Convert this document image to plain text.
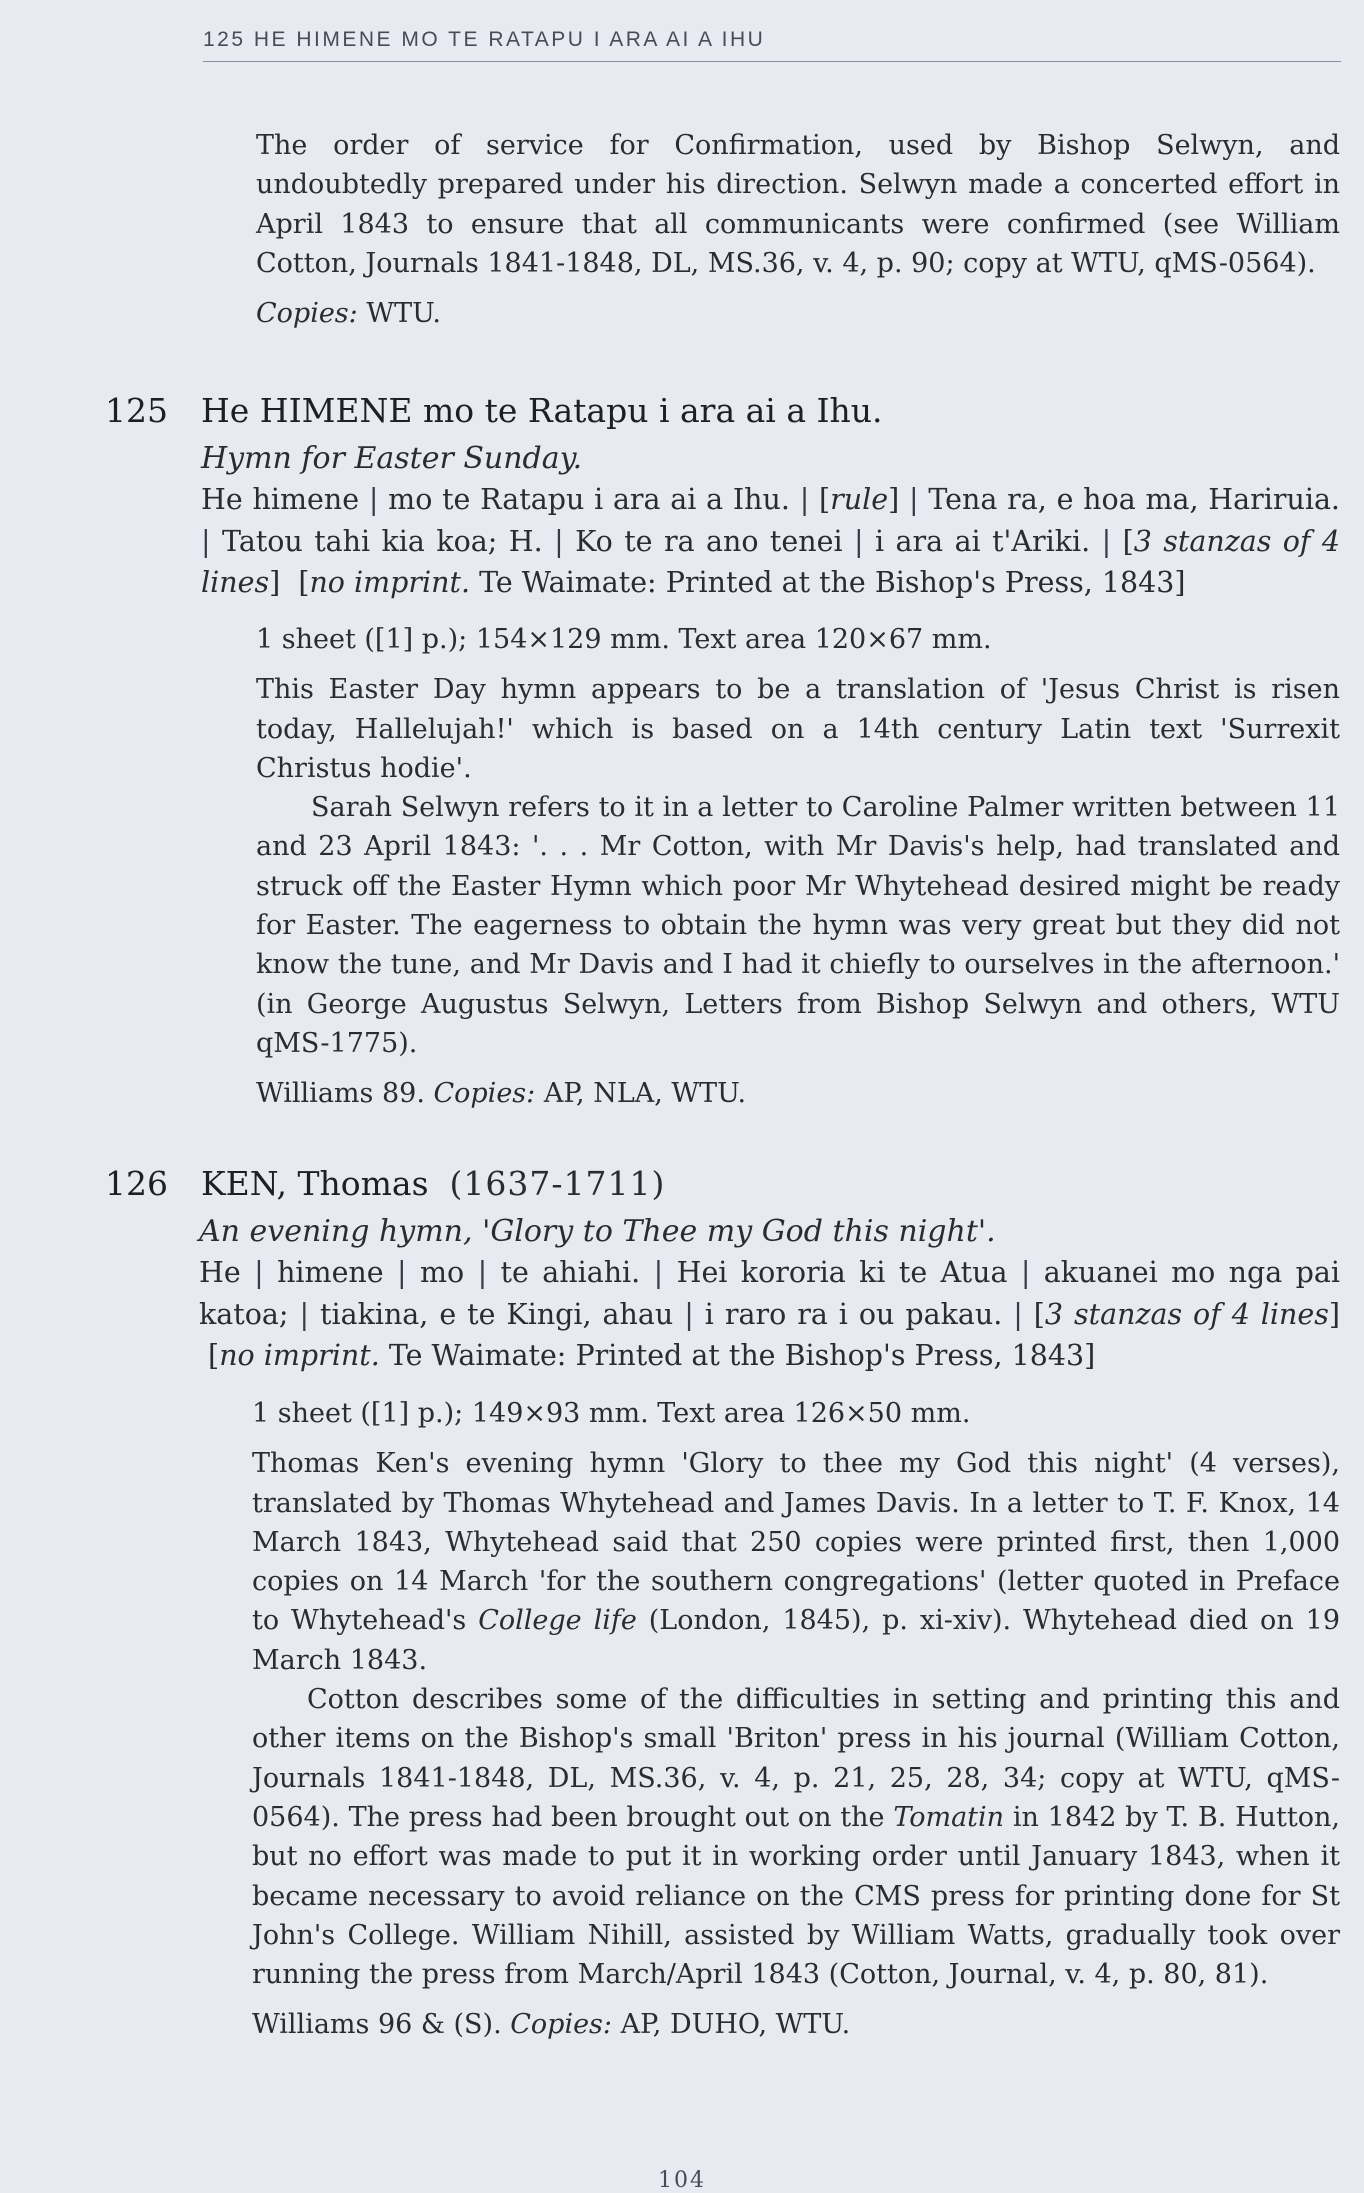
125 HE HIMENE MO TE RATAPU I ARA AI A IHU

The order of service for Confirmation, used by Bishop Selwyn, and undoubtedly prepared under his direction. Selwyn made a concerted effort in April 1843 to ensure that all communicants were confirmed (see William Cotton, Journals 1841-1848, DL, MS.36, v. 4, p. 90; copy at WTU, qMS-0564).

Copies: WTU.

125 He HIMENE mo te Ratapu i ara ai a Ihu.

Hymn for Easter Sunday.

He himene | mo te Ratapu i ara ai a Ihu. | [rule] | Tena ra, e hoa ma, Hariruia. | Tatou tahi kia koa; H. | Ko te ra ano tenei | i ara ai t'Ariki. | [3 stanzas of 4 lines]  [no imprint. Te Waimate: Printed at the Bishop's Press, 1843]

1 sheet ([1] p.); 154×129 mm. Text area 120×67 mm.

This Easter Day hymn appears to be a translation of 'Jesus Christ is risen today, Hallelujah!' which is based on a 14th century Latin text 'Surrexit Christus hodie'.

Sarah Selwyn refers to it in a letter to Caroline Palmer written between 11 and 23 April 1843: '. . . Mr Cotton, with Mr Davis's help, had translated and struck off the Easter Hymn which poor Mr Whytehead desired might be ready for Easter. The eagerness to obtain the hymn was very great but they did not know the tune, and Mr Davis and I had it chiefly to ourselves in the afternoon.' (in George Augustus Selwyn, Letters from Bishop Selwyn and others, WTU qMS-1775).

Williams 89. Copies: AP, NLA, WTU.

126 KEN, Thomas (1637-1711)

An evening hymn, 'Glory to Thee my God this night'.

He | himene | mo | te ahiahi. | Hei kororia ki te Atua | akuanei mo nga pai katoa; | tiakina, e te Kingi, ahau | i raro ra i ou pakau. | [3 stanzas of 4 lines]  [no imprint. Te Waimate: Printed at the Bishop's Press, 1843]

1 sheet ([1] p.); 149×93 mm. Text area 126×50 mm.

Thomas Ken's evening hymn 'Glory to thee my God this night' (4 verses), translated by Thomas Whytehead and James Davis. In a letter to T. F. Knox, 14 March 1843, Whytehead said that 250 copies were printed first, then 1,000 copies on 14 March 'for the southern congregations' (letter quoted in Preface to Whytehead's College life (London, 1845), p. xi-xiv). Whytehead died on 19 March 1843.

Cotton describes some of the difficulties in setting and printing this and other items on the Bishop's small 'Briton' press in his journal (William Cotton, Journals 1841-1848, DL, MS.36, v. 4, p. 21, 25, 28, 34; copy at WTU, qMS-0564). The press had been brought out on the Tomatin in 1842 by T. B. Hutton, but no effort was made to put it in working order until January 1843, when it became necessary to avoid reliance on the CMS press for printing done for St John's College. William Nihill, assisted by William Watts, gradually took over running the press from March/April 1843 (Cotton, Journal, v. 4, p. 80, 81).

Williams 96 & (S). Copies: AP, DUHO, WTU.

104
